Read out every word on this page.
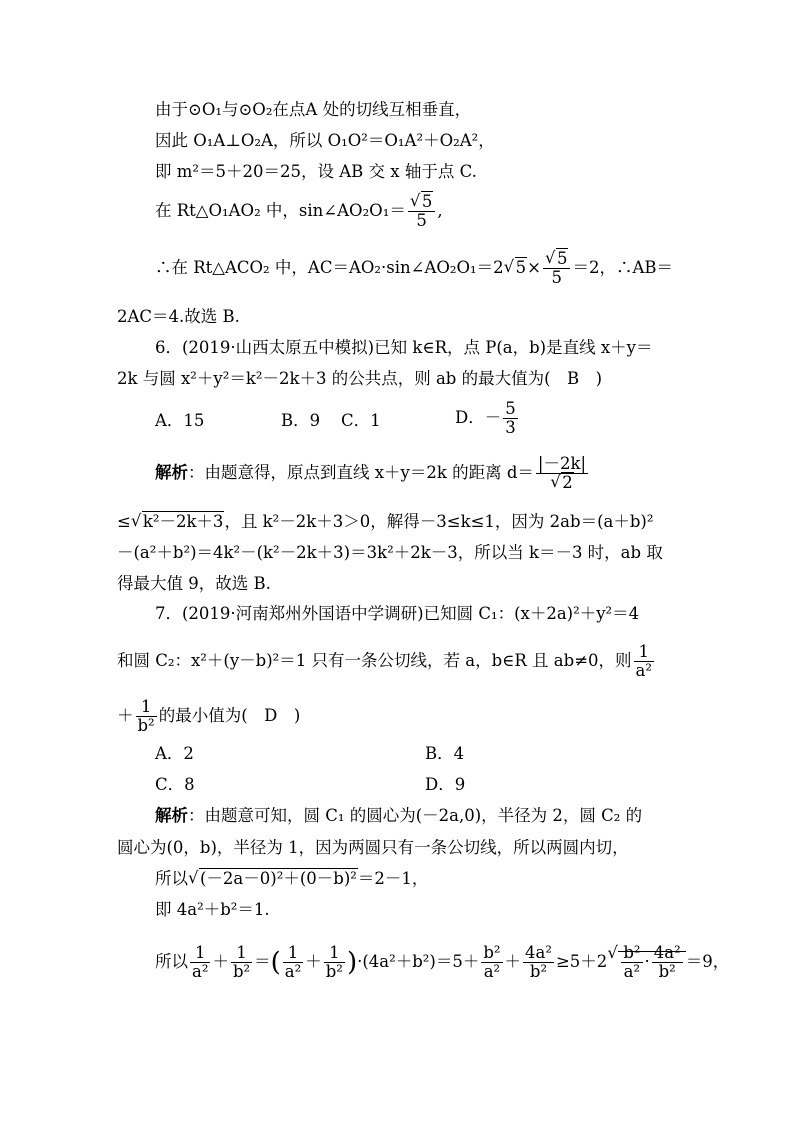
由于⊙O₁与⊙O₂在点A 处的切线互相垂直，
因此 O₁A⊥O₂A，所以 O₁O²＝O₁A²＋O₂A²，
即 m²＝5＋20＝25，设 AB 交 x 轴于点 C.
在 Rt△O₁AO₂ 中，sin∠AO₂O₁＝ √ $\frac{5}{5}$ ,
∴在 Rt△ACO₂ 中，AC＝AO₂·sin∠AO₂O₁＝2 √ 5× √ $\frac{5}{5} =2$，∴AB＝
2AC＝4.故选 B.
6．(2019·山西太原五中模拟)已知 k∈R，点 P(a，b)是直线 x＋y＝
2k 与圆 x²＋y²＝k²－2k＋3 的公共点，则 ab 的最大值为(　B　)
A．15	B．9 C．1	D．－ $\frac{5}{3}$
解析：由题意得，原点到直线 x＋y＝2k 的距离 d＝ |－2k|
√ 2
≤ √ k²－2k＋3，且 k²－2k＋3＞0，解得－3≤k≤1，因为 2ab＝(a＋b)²
－(a²＋b²)＝4k²－(k²－2k＋3)＝3k²＋2k－3，所以当 k＝－3 时，ab 取
得最大值 9，故选 B.
7．(2019·河南郑州外国语中学调研)已知圆 C₁：(x＋2a)²＋y²＝4
和圆 C₂：x²＋(y－b)²＝1 只有一条公切线，若 a，b∈R 且 ab≠0，则 $\frac{1}{\text{a²}}$
＋ $\frac{1}{\text{b²}}$ 的最小值为(　D　)
A．2	B．4
C．8	D．9
解析：由题意可知，圆 C₁ 的圆心为(－2a,0)，半径为 2，圆 C₂ 的
圆心为(0，b)，半径为 1，因为两圆只有一条公切线，所以两圆内切，
所以 √ (－2a－0)²＋(0－b)²＝2－1，
即 4a²＋b²＝1.
所以 $\frac{1}{\text{a²}} + \frac{1}{\text{b²}}$ ＝( $\frac{1}{\text{a²}} + \frac{1}{\text{b²}} )\cdot(4a^2+b^2)=5+ \frac{\text{b²}}{\text{a²}} + \frac{\text{4a²}}{\text{b²}} \ge 5+2$ √ $\frac{\text{b²}}{\text{a²}} \cdot \frac{\text{4a²}}{\text{b²}} =9$，
